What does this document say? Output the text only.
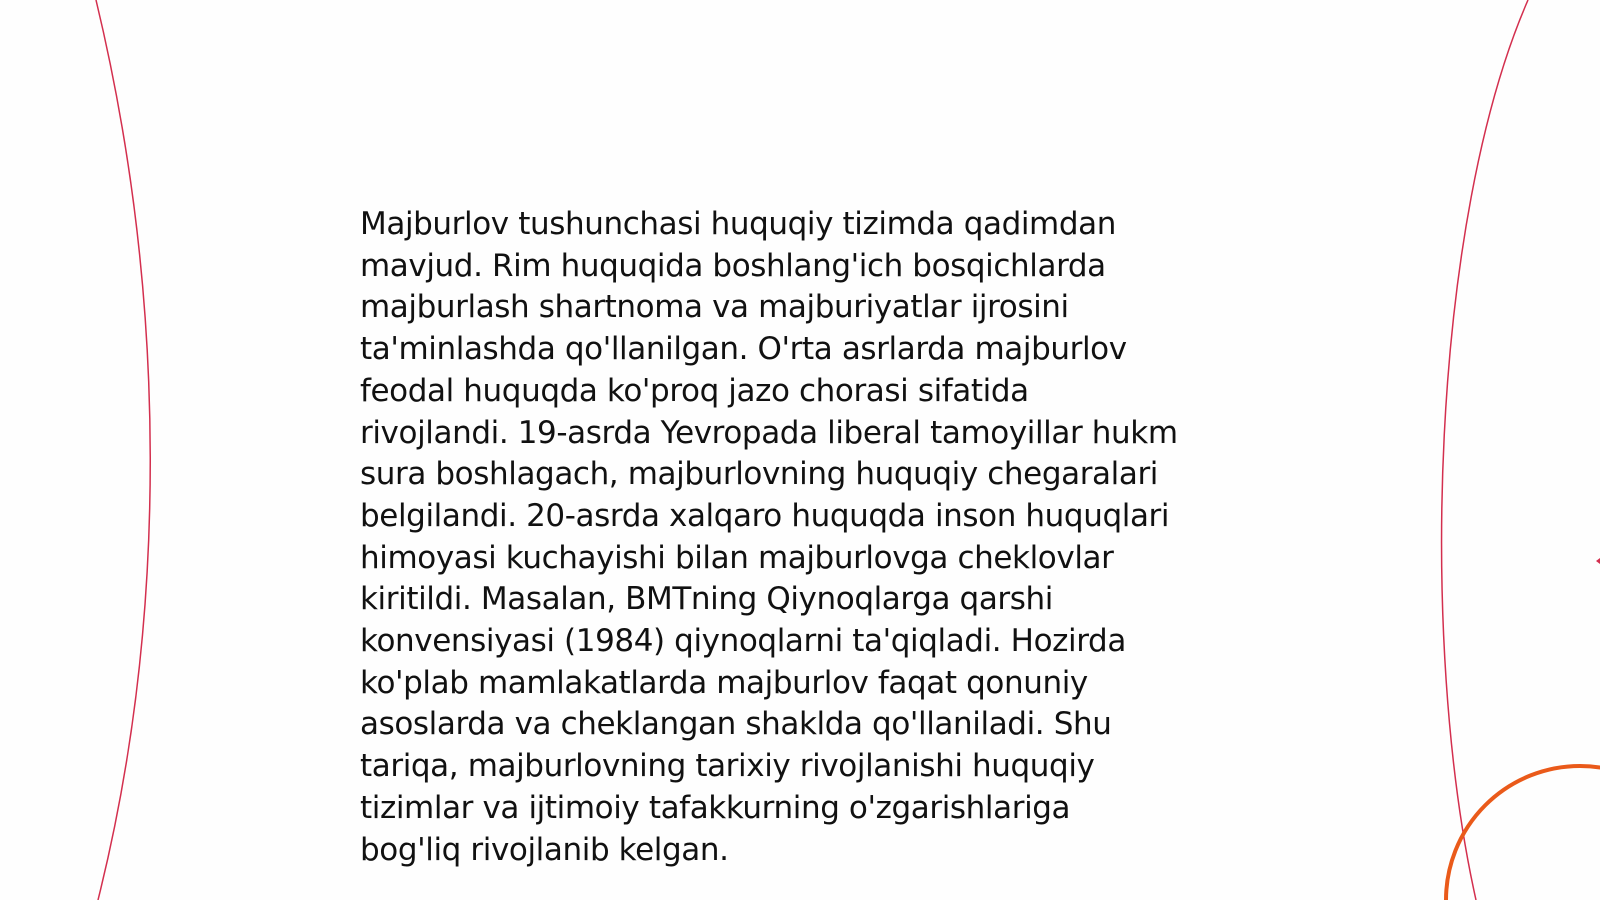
Majburlov tushunchasi huquqiy tizimda qadimdan
mavjud. Rim huquqida boshlang'ich bosqichlarda
majburlash shartnoma va majburiyatlar ijrosini
ta'minlashda qo'llanilgan. O'rta asrlarda majburlov
feodal huquqda ko'proq jazo chorasi sifatida
rivojlandi. 19-asrda Yevropada liberal tamoyillar hukm
sura boshlagach, majburlovning huquqiy chegaralari
belgilandi. 20-asrda xalqaro huquqda inson huquqlari
himoyasi kuchayishi bilan majburlovga cheklovlar
kiritildi. Masalan, BMTning Qiynoqlarga qarshi
konvensiyasi (1984) qiynoqlarni ta'qiqladi. Hozirda
ko'plab mamlakatlarda majburlov faqat qonuniy
asoslarda va cheklangan shaklda qo'llaniladi. Shu
tariqa, majburlovning tarixiy rivojlanishi huquqiy
tizimlar va ijtimoiy tafakkurning o'zgarishlariga
bog'liq rivojlanib kelgan.
